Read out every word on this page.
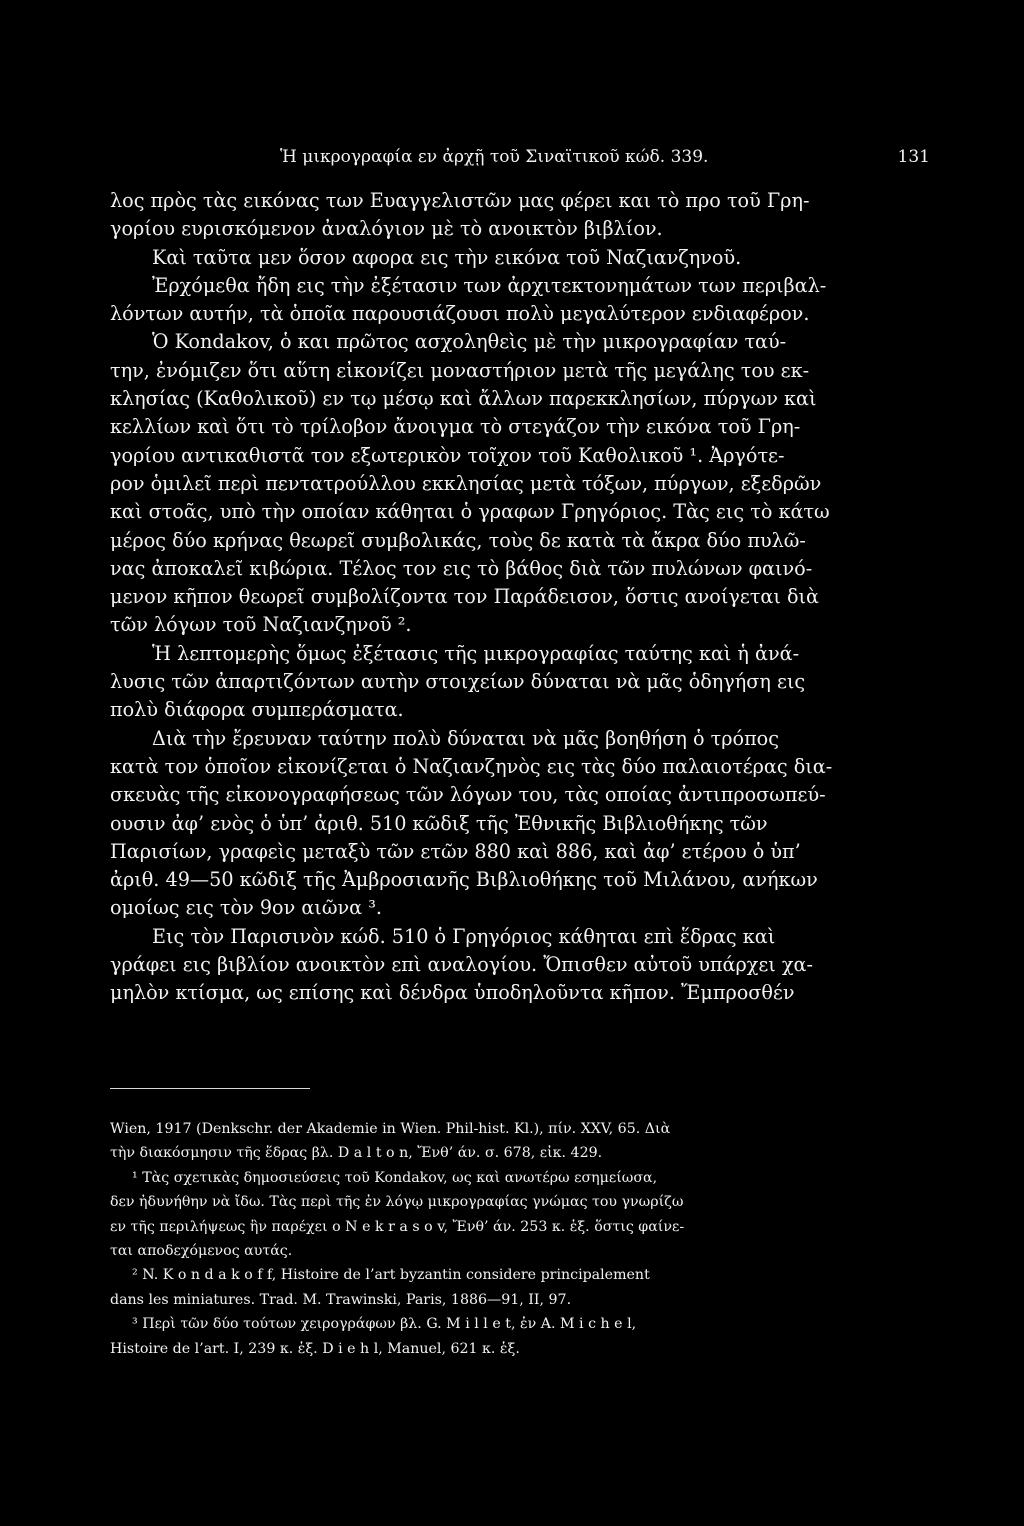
Ἡ μικρογραφία εν ἀρχῇ τοῦ Σιναϊτικοῦ κώδ. 339.	131
λος πρὸς τὰς εικόνας των Ευαγγελιστῶν μας φέρει και τὸ προ τοῦ Γρη-
γορίου ευρισκόμενον ἀναλόγιον μὲ τὸ ανοικτὸν βιβλίον.
Καὶ ταῦτα μεν ὅσον αφορα εις τὴν εικόνα τοῦ Ναζιανζηνοῦ.
Ἐρχόμεθα ἤδη εις τὴν ἐξέτασιν των ἀρχιτεκτονημάτων των περιβαλ-
λόντων αυτήν, τὰ ὁποῖα παρουσιάζουσι πολὺ μεγαλύτερον ενδιαφέρον.
Ὁ Kondakov, ὁ και πρῶτος ασχοληθεὶς μὲ τὴν μικρογραφίαν ταύ-
την, ἐνόμιζεν ὅτι αὕτη εἰκονίζει μοναστήριον μετὰ τῆς μεγάλης του εκ-
κλησίας (Καθολικοῦ) εν τῳ μέσῳ καὶ ἄλλων παρεκκλησίων, πύργων καὶ
κελλίων καὶ ὅτι τὸ τρίλοβον ἄνοιγμα τὸ στεγάζον τὴν εικόνα τοῦ Γρη-
γορίου αντικαθιστᾶ τον εξωτερικὸν τοῖχον τοῦ Καθολικοῦ ¹. Ἀργότε-
ρον ὁμιλεῖ περὶ πεντατρούλλου εκκλησίας μετὰ τόξων, πύργων, εξεδρῶν
καὶ στοᾶς, υπὸ τὴν οποίαν κάθηται ὁ γραφων Γρηγόριος. Τὰς εις τὸ κάτω
μέρος δύο κρήνας θεωρεῖ συμβολικάς, τοὺς δε κατὰ τὰ ἄκρα δύο πυλῶ-
νας ἀποκαλεῖ κιβώρια. Τέλος τον εις τὸ βάθος διὰ τῶν πυλώνων φαινό-
μενον κῆπον θεωρεῖ συμβολίζοντα τον Παράδεισον, ὅστις ανοίγεται διὰ
τῶν λόγων τοῦ Ναζιανζηνοῦ ².
Ἡ λεπτομερὴς ὅμως ἐξέτασις τῆς μικρογραφίας ταύτης καὶ ἡ ἀνά-
λυσις τῶν ἀπαρτιζόντων αυτὴν στοιχείων δύναται νὰ μᾶς ὁδηγήση εις
πολὺ διάφορα συμπεράσματα.
Διὰ τὴν ἔρευναν ταύτην πολὺ δύναται νὰ μᾶς βοηθήση ὁ τρόπος
κατὰ τον ὁποῖον εἰκονίζεται ὁ Ναζιανζηνὸς εις τὰς δύο παλαιοτέρας δια-
σκευὰς τῆς εἰκονογραφήσεως τῶν λόγων του, τὰς οποίας ἀντιπροσωπεύ-
ουσιν ἀφ’ ενὸς ὁ ὑπ’ ἀριθ. 510 κῶδιξ τῆς Ἐθνικῆς Βιβλιοθήκης τῶν
Παρισίων, γραφεὶς μεταξὺ τῶν ετῶν 880 καὶ 886, καὶ ἀφ’ ετέρου ὁ ὑπ’
ἀριθ. 49—50 κῶδιξ τῆς Ἀμβροσιανῆς Βιβλιοθήκης τοῦ Μιλάνου, ανήκων
ομοίως εις τὸν 9ον αιῶνα ³.
Εις τὸν Παρισινὸν κώδ. 510 ὁ Γρηγόριος κάθηται επὶ ἕδρας καὶ
γράφει εις βιβλίον ανοικτὸν επὶ αναλογίου. Ὄπισθεν αὐτοῦ υπάρχει χα-
μηλὸν κτίσμα, ως επίσης καὶ δένδρα ὑποδηλοῦντα κῆπον. Ἔμπροσθέν
Wien, 1917 (Denkschr. der Akademie in Wien. Phil-hist. Kl.), πίν. XXV, 65. Διὰ
τὴν διακόσμησιν τῆς ἕδρας βλ. D a l t o n, Ἔνθ’ άν. σ. 678, εἰκ. 429.
¹ Τὰς σχετικὰς δημοσιεύσεις τοῦ Kondakov, ως καὶ ανωτέρω εσημείωσα,
δεν ἠδυνήθην νὰ ἴδω. Τὰς περὶ τῆς ἐν λόγῳ μικρογραφίας γνώμας του γνωρίζω
εν τῆς περιλήψεως ἣν παρέχει ο N e k r a s o v, Ἔνθ’ άν. 253 κ. ἑξ. ὅστις φαίνε-
ται αποδεχόμενος αυτάς.
² N. K o n d a k o f f, Histoire de l’art byzantin considere principalement
dans les miniatures. Trad. M. Trawinski, Paris, 1886—91, II, 97.
³ Περὶ τῶν δύο τούτων χειρογράφων βλ. G. M i l l e t, ἐν A. M i c h e l,
Histoire de l’art. I, 239 κ. ἑξ. D i e h l, Manuel, 621 κ. ἑξ.
